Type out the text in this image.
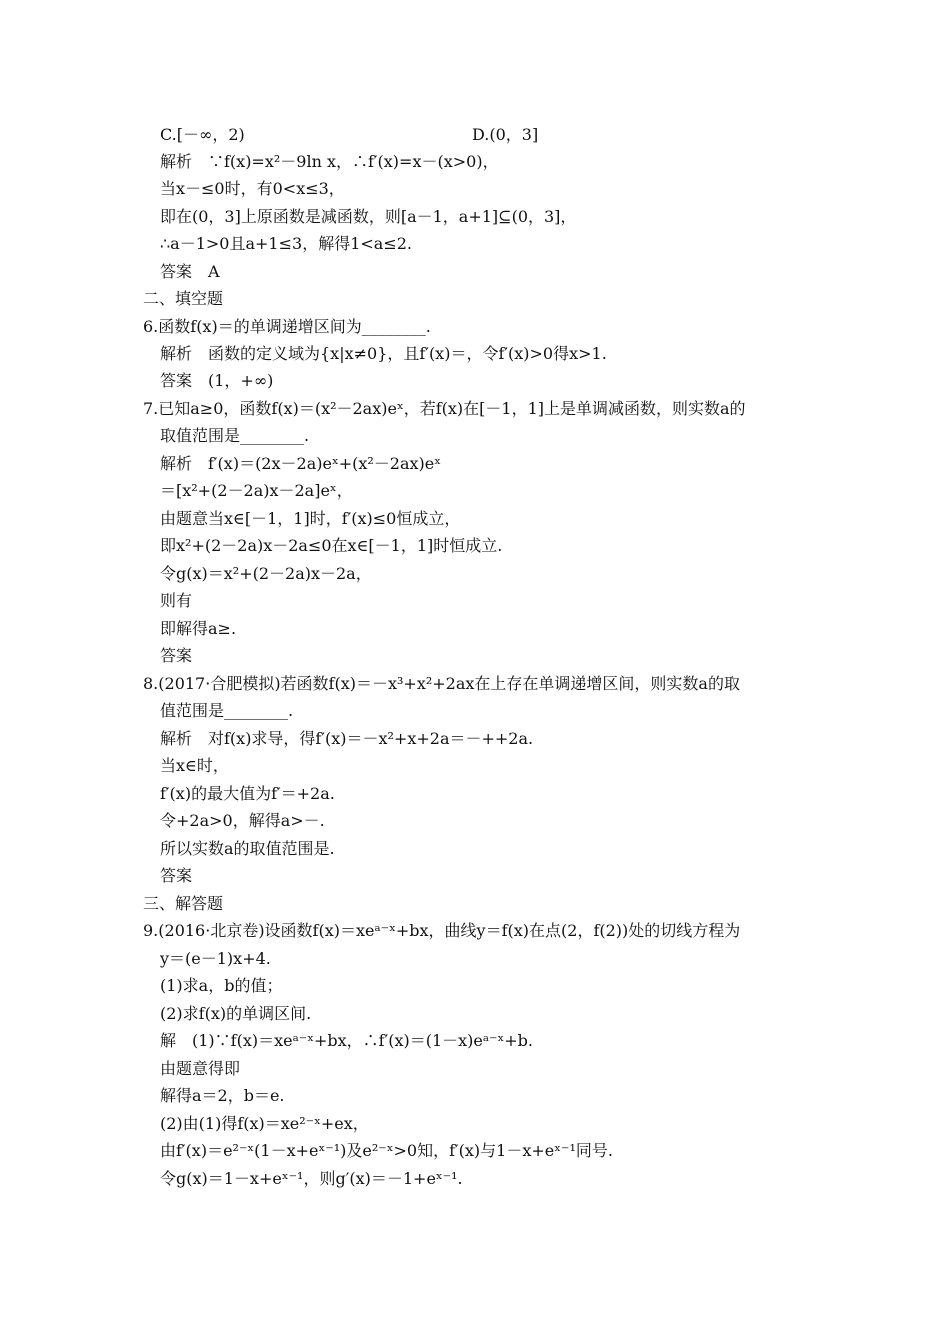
C.[－∞，2)	D.(0，3]
解析　∵f(x)=x²－9ln x，∴f′(x)=x－(x>0)，
当x－≤0时，有0<x≤3，
即在(0，3]上原函数是减函数，则[a－1，a+1]⊆(0，3]，
∴a－1>0且a+1≤3，解得1<a≤2.
答案　A
二、填空题
6.函数f(x)＝的单调递增区间为________.
解析　函数的定义域为{x|x≠0}，且f′(x)＝，令f′(x)>0得x>1.
答案　(1，+∞)
7.已知a≥0，函数f(x)＝(x²－2ax)eˣ，若f(x)在[－1，1]上是单调减函数，则实数a的
取值范围是________.
解析　f′(x)＝(2x－2a)eˣ+(x²－2ax)eˣ
＝[x²+(2－2a)x－2a]eˣ，
由题意当x∈[－1，1]时，f′(x)≤0恒成立，
即x²+(2－2a)x－2a≤0在x∈[－1，1]时恒成立.
令g(x)＝x²+(2－2a)x－2a，
则有
即解得a≥.
答案
8.(2017·合肥模拟)若函数f(x)＝－x³+x²+2ax在上存在单调递增区间，则实数a的取
值范围是________.
解析　对f(x)求导，得f′(x)＝－x²+x+2a＝－++2a.
当x∈时，
f′(x)的最大值为f′＝+2a.
令+2a>0，解得a>－.
所以实数a的取值范围是.
答案
三、解答题
9.(2016·北京卷)设函数f(x)＝xeᵃ⁻ˣ+bx，曲线y＝f(x)在点(2，f(2))处的切线方程为
y＝(e－1)x+4.
(1)求a，b的值；
(2)求f(x)的单调区间.
解　(1)∵f(x)＝xeᵃ⁻ˣ+bx，∴f′(x)＝(1－x)eᵃ⁻ˣ+b.
由题意得即
解得a＝2，b＝e.
(2)由(1)得f(x)＝xe²⁻ˣ+ex，
由f′(x)＝e²⁻ˣ(1－x+eˣ⁻¹)及e²⁻ˣ>0知，f′(x)与1－x+eˣ⁻¹同号.
令g(x)＝1－x+eˣ⁻¹，则g′(x)＝－1+eˣ⁻¹.
